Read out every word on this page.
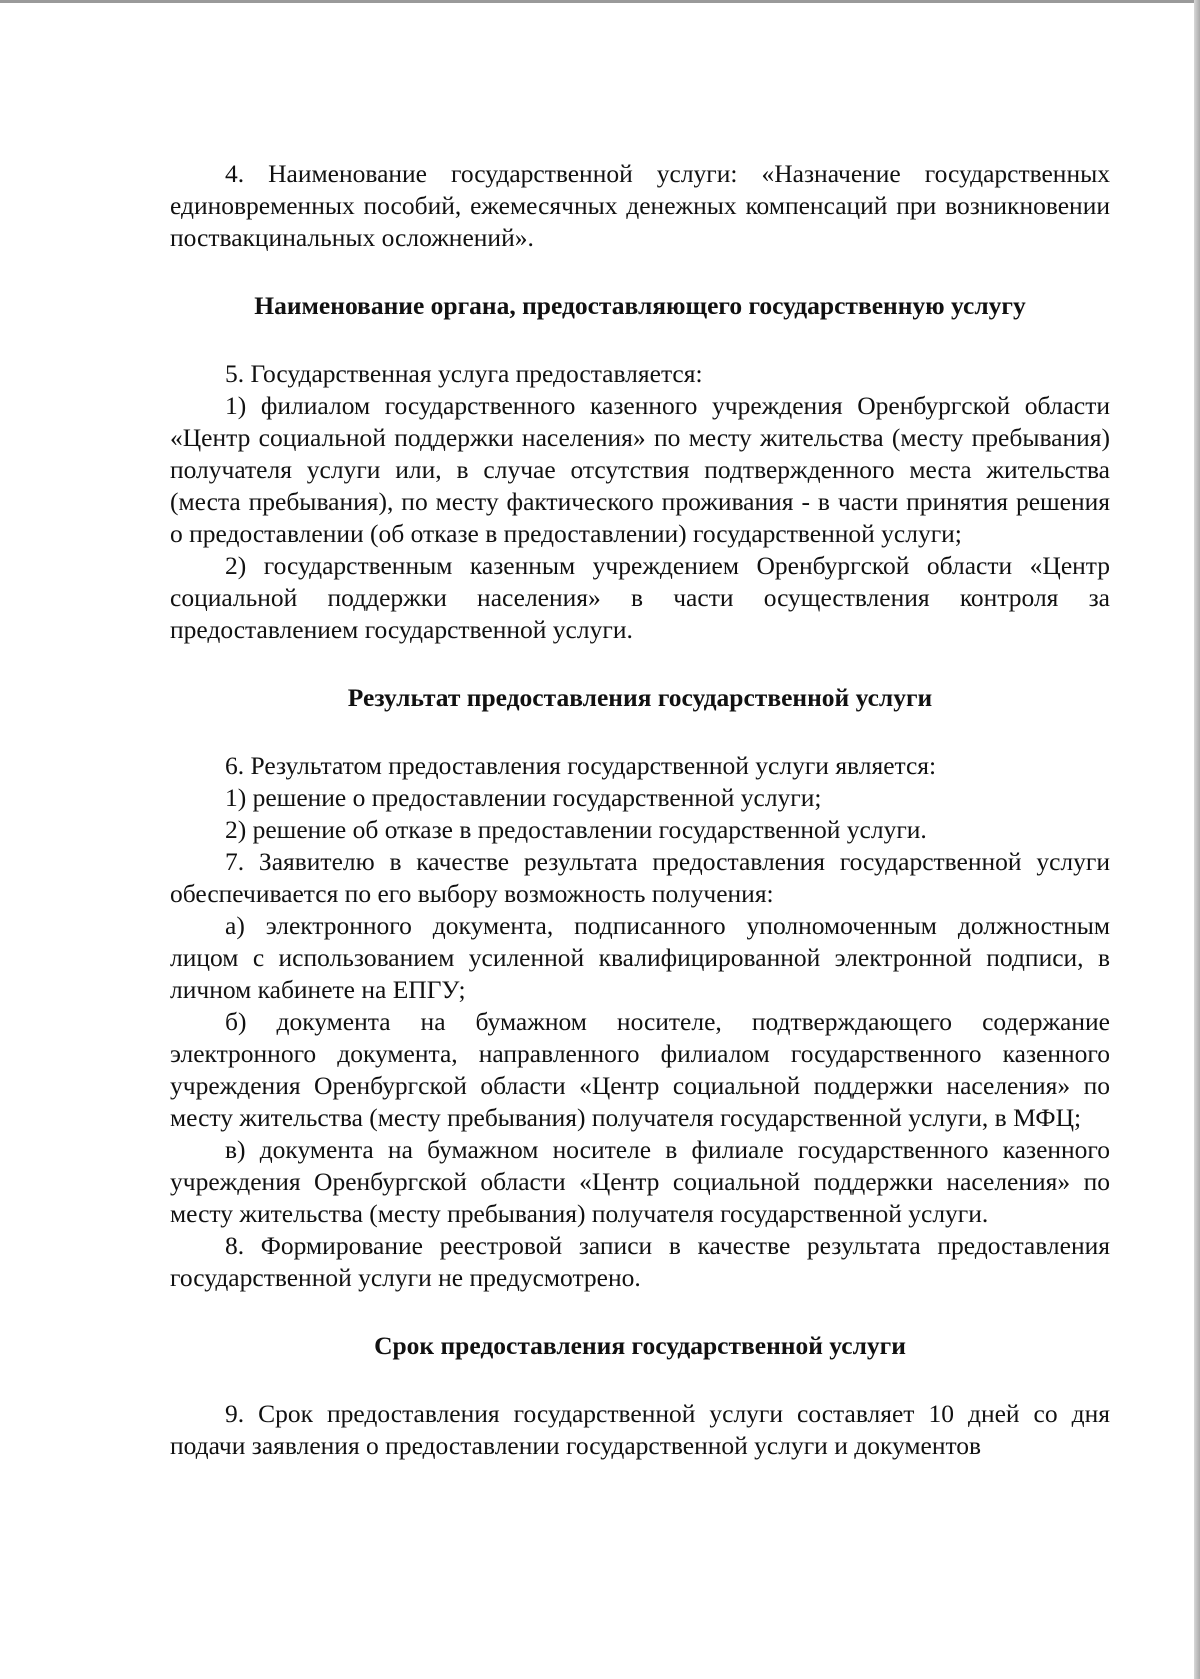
4. Наименование государственной услуги: «Назначение государственных единовременных пособий, ежемесячных денежных компенсаций при возникновении поствакцинальных осложнений».

Наименование органа, предоставляющего государственную услугу

5. Государственная услуга предоставляется:

1) филиалом государственного казенного учреждения Оренбургской области «Центр социальной поддержки населения» по месту жительства (месту пребывания) получателя услуги или, в случае отсутствия подтвержденного места жительства (места пребывания), по месту фактического проживания - в части принятия решения о предоставлении (об отказе в предоставлении) государственной услуги;

2) государственным казенным учреждением Оренбургской области «Центр социальной поддержки населения» в части осуществления контроля за предоставлением государственной услуги.

Результат предоставления государственной услуги

6. Результатом предоставления государственной услуги является:

1) решение о предоставлении государственной услуги;

2) решение об отказе в предоставлении государственной услуги.

7. Заявителю в качестве результата предоставления государственной услуги обеспечивается по его выбору возможность получения:

а) электронного документа, подписанного уполномоченным должностным лицом с использованием усиленной квалифицированной электронной подписи, в личном кабинете на ЕПГУ;

б) документа на бумажном носителе, подтверждающего содержание электронного документа, направленного филиалом государственного казенного учреждения Оренбургской области «Центр социальной поддержки населения» по месту жительства (месту пребывания) получателя государственной услуги, в МФЦ;

в) документа на бумажном носителе в филиале государственного казенного учреждения Оренбургской области «Центр социальной поддержки населения» по месту жительства (месту пребывания) получателя государственной услуги.

8. Формирование реестровой записи в качестве результата предоставления государственной услуги не предусмотрено.

Срок предоставления государственной услуги

9. Срок предоставления государственной услуги составляет 10 дней со дня подачи заявления о предоставлении государственной услуги и документов
